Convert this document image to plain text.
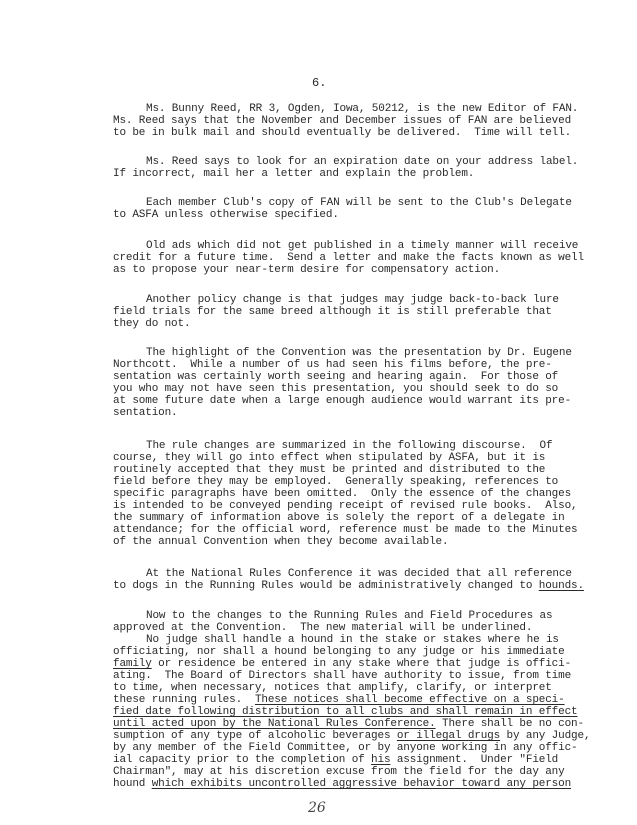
6.
Ms. Bunny Reed, RR 3, Ogden, Iowa, 50212, is the new Editor of FAN.
Ms. Reed says that the November and December issues of FAN are believed
to be in bulk mail and should eventually be delivered.  Time will tell.
Ms. Reed says to look for an expiration date on your address label.
If incorrect, mail her a letter and explain the problem.
Each member Club's copy of FAN will be sent to the Club's Delegate
to ASFA unless otherwise specified.
Old ads which did not get published in a timely manner will receive
credit for a future time.  Send a letter and make the facts known as well
as to propose your near-term desire for compensatory action.
Another policy change is that judges may judge back-to-back lure
field trials for the same breed although it is still preferable that
they do not.
The highlight of the Convention was the presentation by Dr. Eugene
Northcott.  While a number of us had seen his films before, the pre-
sentation was certainly worth seeing and hearing again.  For those of
you who may not have seen this presentation, you should seek to do so
at some future date when a large enough audience would warrant its pre-
sentation.
The rule changes are summarized in the following discourse.  Of
course, they will go into effect when stipulated by ASFA, but it is
routinely accepted that they must be printed and distributed to the
field before they may be employed.  Generally speaking, references to
specific paragraphs have been omitted.  Only the essence of the changes
is intended to be conveyed pending receipt of revised rule books.  Also,
the summary of information above is solely the report of a delegate in
attendance; for the official word, reference must be made to the Minutes
of the annual Convention when they become available.
At the National Rules Conference it was decided that all reference
to dogs in the Running Rules would be administratively changed to hounds.
Now to the changes to the Running Rules and Field Procedures as
approved at the Convention.  The new material will be underlined.
No judge shall handle a hound in the stake or stakes where he is
officiating, nor shall a hound belonging to any judge or his immediate
family or residence be entered in any stake where that judge is offici-
ating.  The Board of Directors shall have authority to issue, from time
to time, when necessary, notices that amplify, clarify, or interpret
these running rules.  These notices shall become effective on a speci-
fied date following distribution to all clubs and shall remain in effect
until acted upon by the National Rules Conference. There shall be no con-
sumption of any type of alcoholic beverages or illegal drugs by any Judge,
by any member of the Field Committee, or by anyone working in any offic-
ial capacity prior to the completion of his assignment.  Under "Field
Chairman", may at his discretion excuse from the field for the day any
hound which exhibits uncontrolled aggressive behavior toward any person
26
